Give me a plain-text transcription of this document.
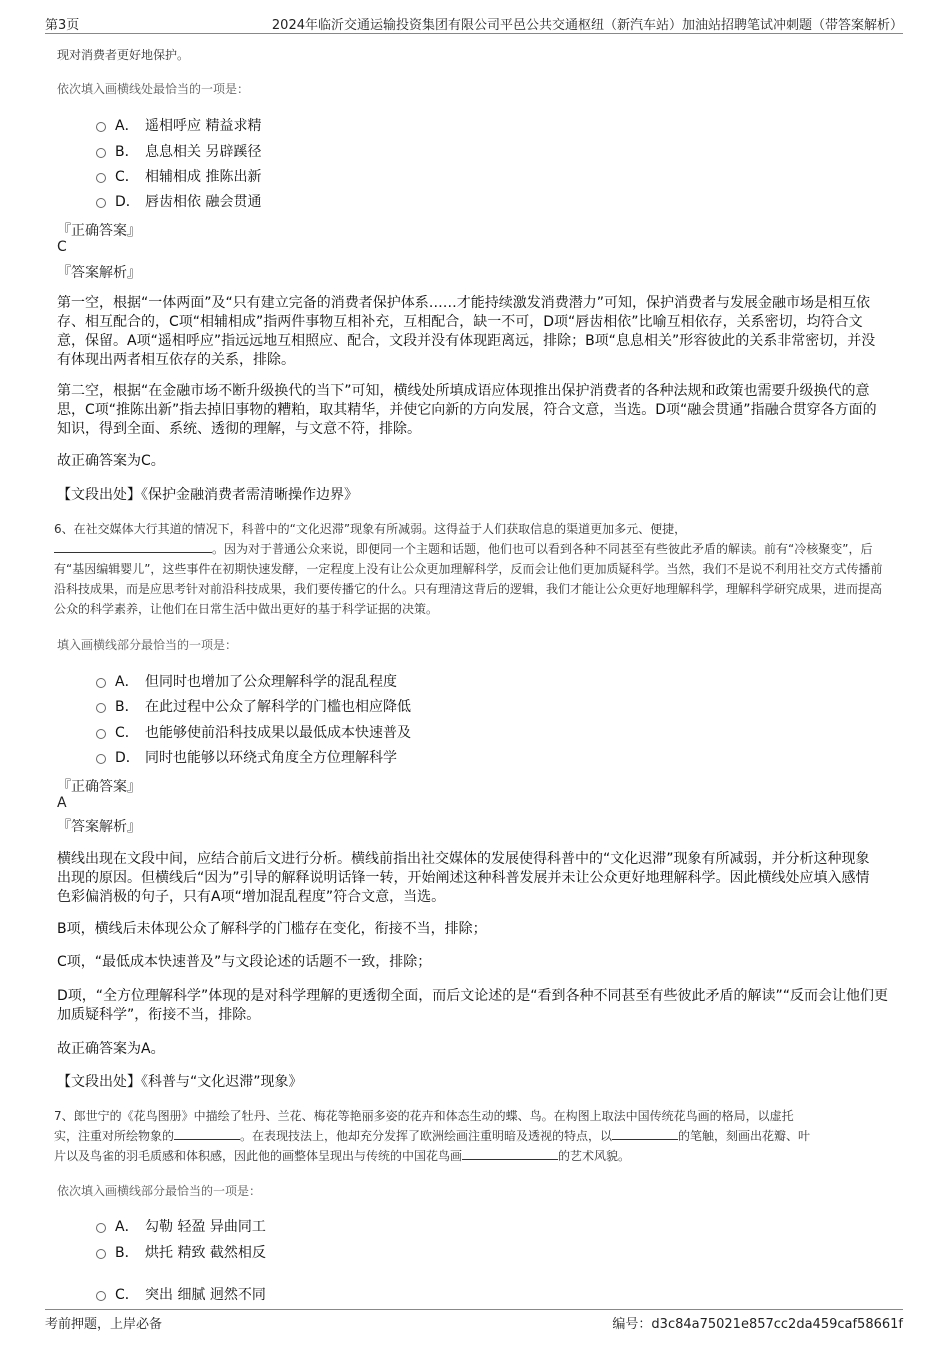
第3页	2024年临沂交通运输投资集团有限公司平邑公共交通枢纽（新汽车站）加油站招聘笔试冲刺题（带答案解析）
现对消费者更好地保护。
依次填入画横线处最恰当的一项是：
A． 遥相呼应 精益求精
B． 息息相关 另辟蹊径
C． 相辅相成 推陈出新
D． 唇齿相依 融会贯通
『正确答案』
C
『答案解析』
第一空，根据“一体两面”及“只有建立完备的消费者保护体系……才能持续激发消费潜力”可知，保护消费者与发展金融市场是相互依存、相互配合的，C项“相辅相成”指两件事物互相补充，互相配合，缺一不可，D项“唇齿相依”比喻互相依存，关系密切，均符合文意，保留。A项“遥相呼应”指远远地互相照应、配合，文段并没有体现距离远，排除；B项“息息相关”形容彼此的关系非常密切，并没有体现出两者相互依存的关系，排除。
第二空，根据“在金融市场不断升级换代的当下”可知，横线处所填成语应体现推出保护消费者的各种法规和政策也需要升级换代的意思，C项“推陈出新”指去掉旧事物的糟粕，取其精华，并使它向新的方向发展，符合文意，当选。D项“融会贯通”指融合贯穿各方面的知识，得到全面、系统、透彻的理解，与文意不符，排除。
故正确答案为C。
【文段出处】《保护金融消费者需清晰操作边界》
6、在社交媒体大行其道的情况下，科普中的“文化迟滞”现象有所减弱。这得益于人们获取信息的渠道更加多元、便捷，
。因为对于普通公众来说，即便同一个主题和话题，他们也可以看到各种不同甚至有些彼此矛盾的解读。前有“冷核聚变”，后有“基因编辑婴儿”，这些事件在初期快速发酵，一定程度上没有让公众更加理解科学，反而会让他们更加质疑科学。当然，我们不是说不利用社交方式传播前沿科技成果，而是应思考针对前沿科技成果，我们要传播它的什么。只有理清这背后的逻辑，我们才能让公众更好地理解科学，理解科学研究成果，进而提高公众的科学素养，让他们在日常生活中做出更好的基于科学证据的决策。
填入画横线部分最恰当的一项是：
A． 但同时也增加了公众理解科学的混乱程度
B． 在此过程中公众了解科学的门槛也相应降低
C． 也能够使前沿科技成果以最低成本快速普及
D． 同时也能够以环绕式角度全方位理解科学
『正确答案』
A
『答案解析』
横线出现在文段中间，应结合前后文进行分析。横线前指出社交媒体的发展使得科普中的“文化迟滞”现象有所减弱，并分析这种现象出现的原因。但横线后“因为”引导的解释说明话锋一转，开始阐述这种科普发展并未让公众更好地理解科学。因此横线处应填入感情色彩偏消极的句子，只有A项“增加混乱程度”符合文意，当选。
B项，横线后未体现公众了解科学的门槛存在变化，衔接不当，排除；
C项，“最低成本快速普及”与文段论述的话题不一致，排除；
D项，“全方位理解科学”体现的是对科学理解的更透彻全面，而后文论述的是“看到各种不同甚至有些彼此矛盾的解读”“反而会让他们更加质疑科学”，衔接不当，排除。
故正确答案为A。
【文段出处】《科普与“文化迟滞”现象》
7、郎世宁的《花鸟图册》中描绘了牡丹、兰花、梅花等艳丽多姿的花卉和体态生动的蝶、鸟。在构图上取法中国传统花鸟画的格局，以虚托
实，注重对所绘物象的	。在表现技法上，他却充分发挥了欧洲绘画注重明暗及透视的特点，以	的笔触，刻画出花瓣、叶
片以及鸟雀的羽毛质感和体积感，因此他的画整体呈现出与传统的中国花鸟画	的艺术风貌。
依次填入画横线部分最恰当的一项是：
A． 勾勒 轻盈 异曲同工
B． 烘托 精致 截然相反
C． 突出 细腻 迥然不同
考前押题，上岸必备	编号：d3c84a75021e857cc2da459caf58661f
